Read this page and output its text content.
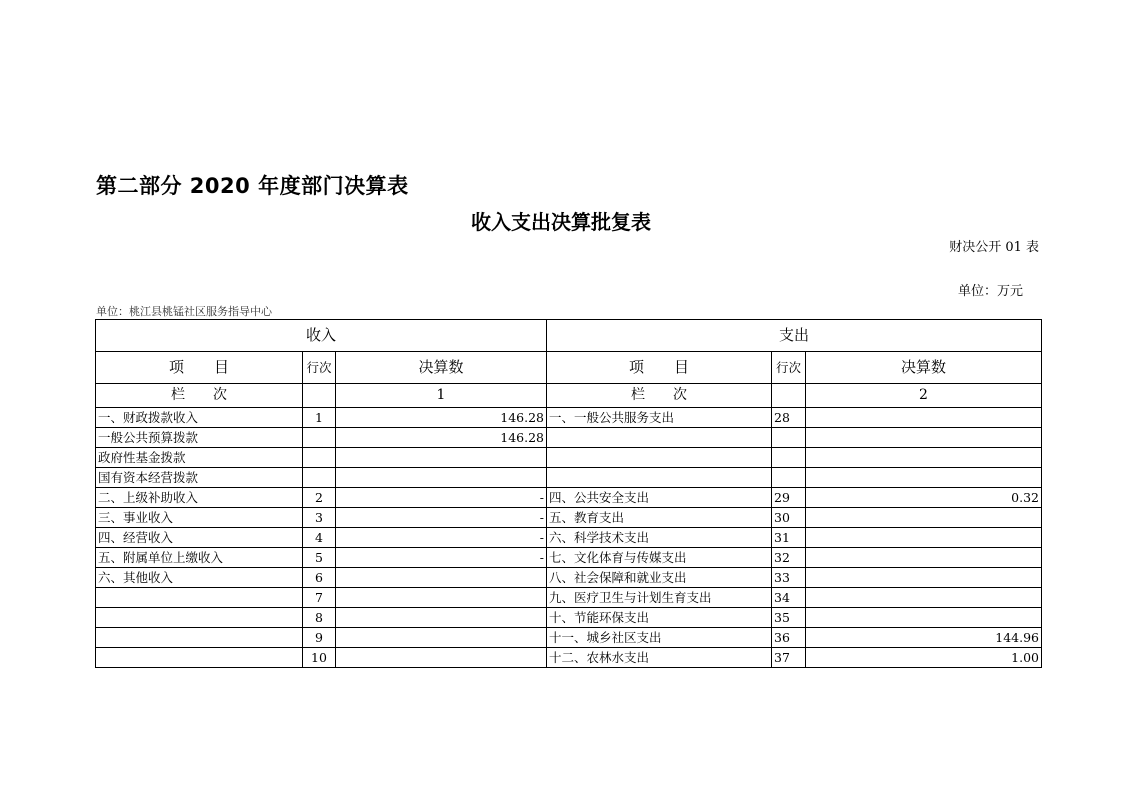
第二部分 2020 年度部门决算表
收入支出决算批复表
财决公开 01 表
单位：万元
单位：桃江县桃锰社区服务指导中心
收入			支出		
项　　目	行次	决算数	项　　目	行次	决算数
栏　　次		1	栏　　次		2
一、财政拨款收入	1	146.28	一、一般公共服务支出	28	
一般公共预算拨款		146.28			
政府性基金拨款					
国有资本经营拨款					
二、上级补助收入	2	-	四、公共安全支出	29	0.32
三、事业收入	3	-	五、教育支出	30	
四、经营收入	4	-	六、科学技术支出	31	
五、附属单位上缴收入	5	-	七、文化体育与传媒支出	32	
六、其他收入	6		八、社会保障和就业支出	33	
	7		九、医疗卫生与计划生育支出	34	
	8		十、节能环保支出	35	
	9		十一、城乡社区支出	36	144.96
	10		十二、农林水支出	37	1.00
